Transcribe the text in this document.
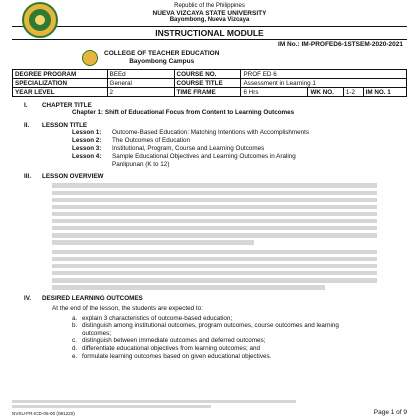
Republic of the Philippines
NUEVA VIZCAYA STATE UNIVERSITY
Bayombong, Nueva Vizcaya
INSTRUCTIONAL MODULE
IM No.: IM-PROFED6-1STSEM-2020-2021
COLLEGE OF TEACHER EDUCATION
Bayombong Campus
DEGREE PROGRAM	BEEd	COURSE NO.	PROF ED 6			
SPECIALIZATION	General	COURSE TITLE	Assessment in Learning 1			
YEAR LEVEL	2	TIME FRAME	6 Hrs	WK NO.	1-2	IM NO. 1
I.	CHAPTER TITLE
Chapter 1: Shift of Educational Focus from Content to Learning Outcomes
II.	LESSON TITLE
Lesson 1:	Outcome-Based Education: Matching Intentions with Accomplishments
Lesson 2:	The Outcomes of Education
Lesson 3:	Institutional, Program, Course and Learning Outcomes
Lesson 4:	Sample Educational Objectives and Learning Outcomes in Araling
Panlipunan (K to 12)
III.	LESSON OVERVIEW
IV.	DESIRED LEARNING OUTCOMES
At the end of the lesson, the students are expected to:
a. explain 3 characteristics of outcome-based education;
b. distinguish among institutional outcomes, program outcomes, course outcomes and learning outcomes;
c. distinguish between immediate outcomes and deferred outcomes;
d. differentiate educational objectives from learning outcomes; and
e. formulate learning outcomes based on given educational objectives.
NVSU-FR-ICD-05-00 (081220)	Page 1 of 9
